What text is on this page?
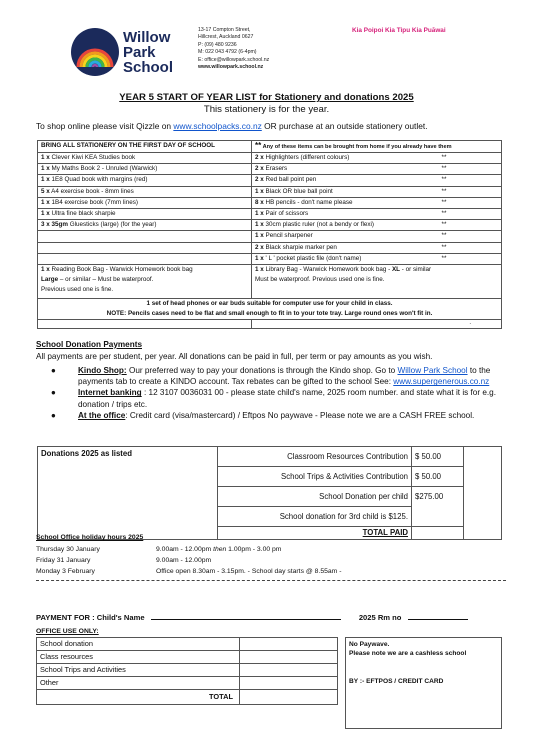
Willow
Park
School
13-17 Compton Street,
Hillcrest, Auckland 0627
P: (09) 480 9236
M: 022 043 4792 (6-4pm)
E: office@willowpark.school.nz
www.willowpark.school.nz
Kia Poipoi Kia Tipu Kia Puāwai
YEAR 5 START OF YEAR LIST for Stationery and donations 2025
This stationery is for the year.
To shop online please visit Qizzle on www.schoolpacks.co.nz OR purchase at an outside stationery outlet.
BRING ALL STATIONERY ON THE FIRST DAY OF SCHOOL	** Any of these items can be brought from home if you already have them	
1 x Clever Kiwi KEA Studies book	2 x Highlighters (different colours)	**
1 x My Maths Book 2 - Unruled (Warwick)	2 x Erasers	**
1 x 1E8 Quad book with margins (red)	2 x Red ball point pen	**
5 x A4 exercise book - 8mm lines	1 x Black OR blue ball point	**
1 x 1B4 exercise book (7mm lines)	8 x HB pencils - don't name please	**
1 x Ultra fine black sharpie	1 x Pair of scissors	**
3 x 35gm Gluesticks (large) (for the year)	1 x 30cm plastic ruler (not a bendy or flexi)	**
	1 x Pencil sharpener	**
	2 x Black sharpie marker pen	**
	1 x ' L ' pocket plastic file (don't name)	**
1 x Reading Book Bag - Warwick Homework book bag
Large – or similar – Must be waterproof.
Previous used one is fine.	1 x Library Bag - Warwick Homework book bag - XL - or similar
Must be waterproof. Previous used one is fine.	

1 set of head phones or ear buds suitable for computer use for your child in class.
NOTE: Pencils cases need to be flat and small enough to fit in to your tote tray. Large round ones won't fit in.		

	.	
School Donation Payments
All payments are per student, per year. All donations can be paid in full, per term or pay amounts as you wish.
●	Kindo Shop: Our preferred way to pay your donations is through the Kindo shop. Go to Willow Park School to the payments tab to create a KINDO account. Tax rebates can be gifted to the school See: www.supergenerous.co.nz
●	Internet banking : 12 3107 0036031 00 - please state child's name, 2025 room number. and state what it is for e.g. donation / trips etc.
●	At the office: Credit card (visa/mastercard) / Eftpos No paywave - Please note we are a CASH FREE school.
Donations 2025 as listed	Classroom Resources Contribution	$ 50.00	
	School Trips & Activities Contribution	$ 50.00	
	School Donation per child	$275.00	
	School donation for 3rd child is $125.		
	TOTAL PAID		
School Office holiday hours 2025
Thursday 30 January	9.00am - 12.00pm then 1.00pm - 3.00 pm
Friday 31 January	9.00am - 12.00pm
Monday 3 February	Office open 8.30am - 3.15pm. - School day starts @ 8.55am -
PAYMENT FOR : Child's Name	2025 Rm no
OFFICE USE ONLY:
School donation	
Class resources	
School Trips and Activities	
Other	
TOTAL	
No Paywave.
Please note we are a cashless school
BY :- EFTPOS / CREDIT CARD
